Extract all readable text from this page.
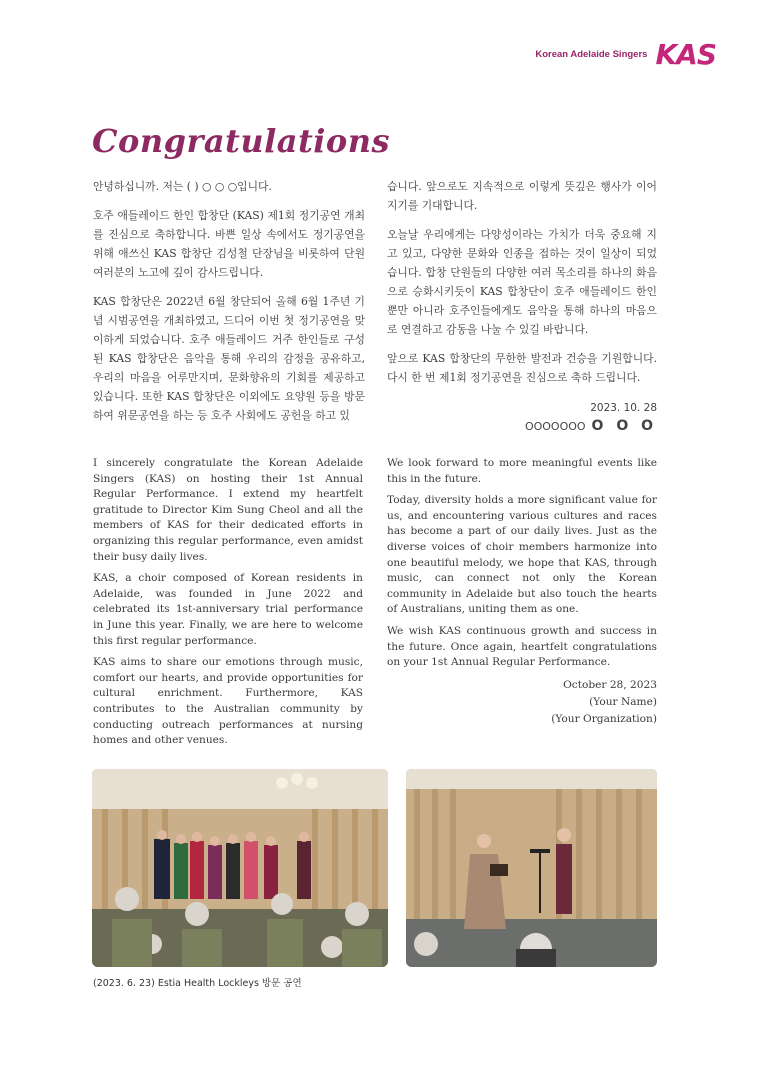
Korean Adelaide Singers KAS
Congratulations

안녕하십니까. 저는 ( ) ○ ○ ○입니다.

호주 애들레이드 한인 합창단 (KAS) 제1회 정기공연 개최를 진심으로 축하합니다. 바쁜 일상 속에서도 정기공연을 위해 애쓰신 KAS 합창단 김성철 단장님을 비롯하여 단원 여러분의 노고에 깊이 감사드립니다.

KAS 합창단은 2022년 6월 창단되어 올해 6월 1주년 기념 시범공연을 개최하였고, 드디어 이번 첫 정기공연을 맞이하게 되었습니다. 호주 애들레이드 거주 한인들로 구성된 KAS 합창단은 음악을 통해 우리의 감정을 공유하고, 우리의 마음을 어루만지며, 문화향유의 기회를 제공하고 있습니다. 또한 KAS 합창단은 이외에도 요양원 등을 방문하여 위문공연을 하는 등 호주 사회에도 공헌을 하고 있

습니다. 앞으로도 지속적으로 이렇게 뜻깊은 행사가 이어지기를 기대합니다.

오늘날 우리에게는 다양성이라는 가치가 더욱 중요해 지고 있고, 다양한 문화와 인종을 접하는 것이 일상이 되었습니다. 합창 단원들의 다양한 여러 목소리를 하나의 화음으로 승화시키듯이 KAS 합창단이 호주 애들레이드 한인 뿐만 아니라 호주인들에게도 음악을 통해 하나의 마음으로 연결하고 감동을 나눌 수 있길 바랍니다.

앞으로 KAS 합창단의 무한한 발전과 건승을 기원합니다. 다시 한 번 제1회 정기공연을 진심으로 축하 드립니다.

2023. 10. 28
OOOOOOO O O O

I sincerely congratulate the Korean Adelaide Singers (KAS) on hosting their 1st Annual Regular Performance. I extend my heartfelt gratitude to Director Kim Sung Cheol and all the members of KAS for their dedicated efforts in organizing this regular performance, even amidst their busy daily lives.

KAS, a choir composed of Korean residents in Adelaide, was founded in June 2022 and celebrated its 1st-anniversary trial performance in June this year. Finally, we are here to welcome this first regular performance.

KAS aims to share our emotions through music, comfort our hearts, and provide opportunities for cultural enrichment. Furthermore, KAS contributes to the Australian community by conducting outreach performances at nursing homes and other venues.

We look forward to more meaningful events like this in the future.

Today, diversity holds a more significant value for us, and encountering various cultures and races has become a part of our daily lives. Just as the diverse voices of choir members harmonize into one beautiful melody, we hope that KAS, through music, can connect not only the Korean community in Adelaide but also touch the hearts of Australians, uniting them as one.

We wish KAS continuous growth and success in the future. Once again, heartfelt congratulations on your 1st Annual Regular Performance.

October 28, 2023
(Your Name)
(Your Organization)
(2023. 6. 23) Estia Health Lockleys 방문 공연
